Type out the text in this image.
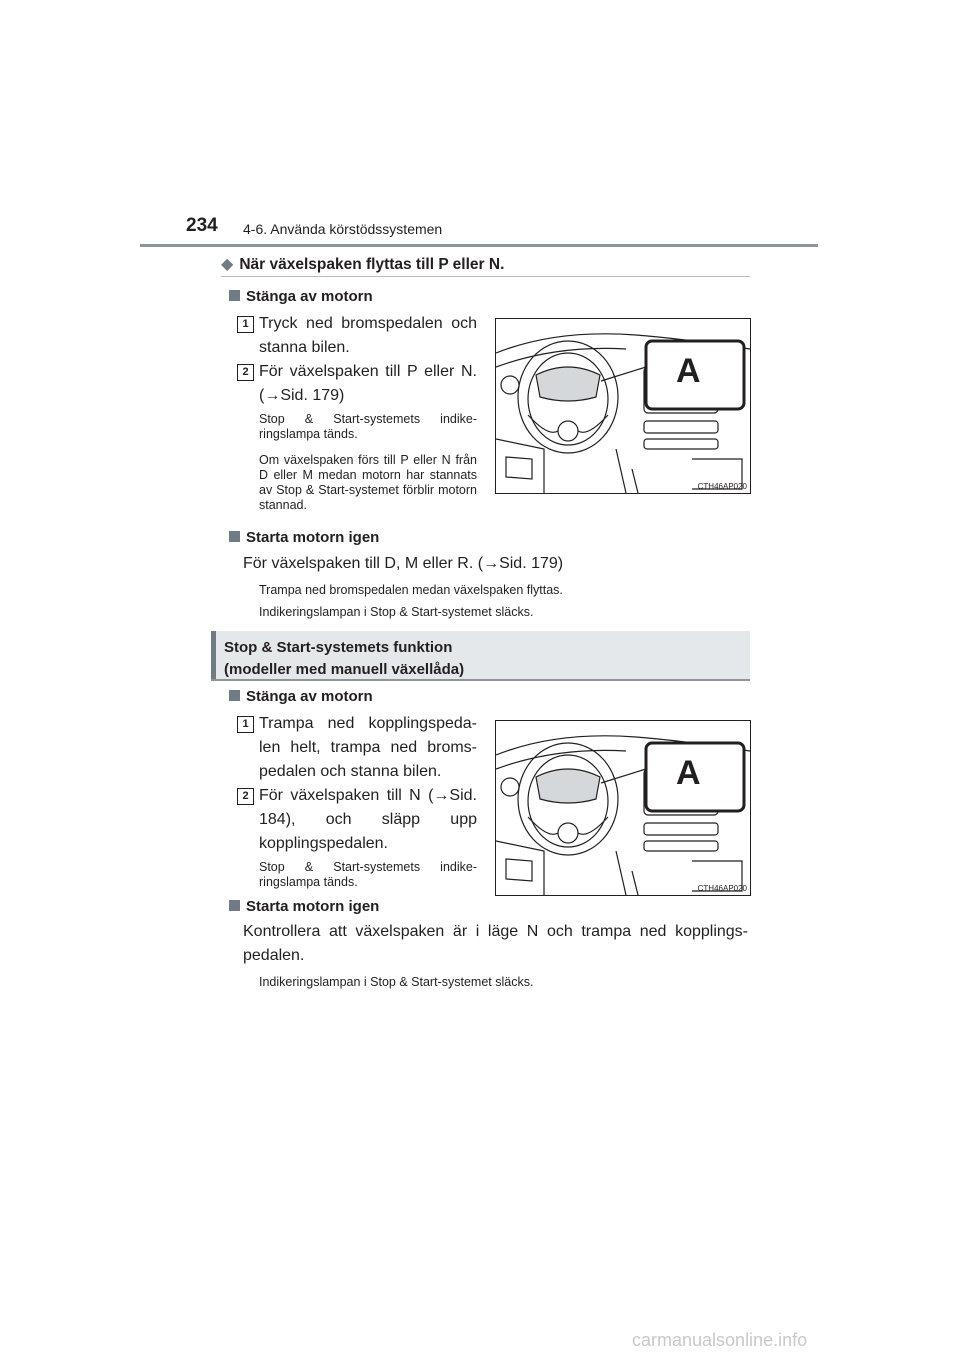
234 4-6. Använda körstödssystemen
◆ När växelspaken flyttas till P eller N.
Stänga av motorn
1 Tryck ned bromspedalen och stanna bilen.
2 För växelspaken till P eller N. (→Sid. 179)
Stop & Start-systemets indike-ringslampa tänds.
Om växelspaken förs till P eller N från D eller M medan motorn har stannats av Stop & Start-systemet förblir motorn stannad.
A
CTH46AP020
Starta motorn igen
För växelspaken till D, M eller R. (→Sid. 179)
Trampa ned bromspedalen medan växelspaken flyttas.
Indikeringslampan i Stop & Start-systemet släcks.
Stop & Start-systemets funktion
(modeller med manuell växellåda)
Stänga av motorn
1 Trampa ned kopplingspeda-len helt, trampa ned broms-pedalen och stanna bilen.
2 För växelspaken till N (→Sid. 184), och släpp upp kopplingspedalen.
Stop & Start-systemets indike-ringslampa tänds.
A
CTH46AP020
Starta motorn igen
Kontrollera att växelspaken är i läge N och trampa ned kopplings-pedalen.
Indikeringslampan i Stop & Start-systemet släcks.
carmanualsonline.info
